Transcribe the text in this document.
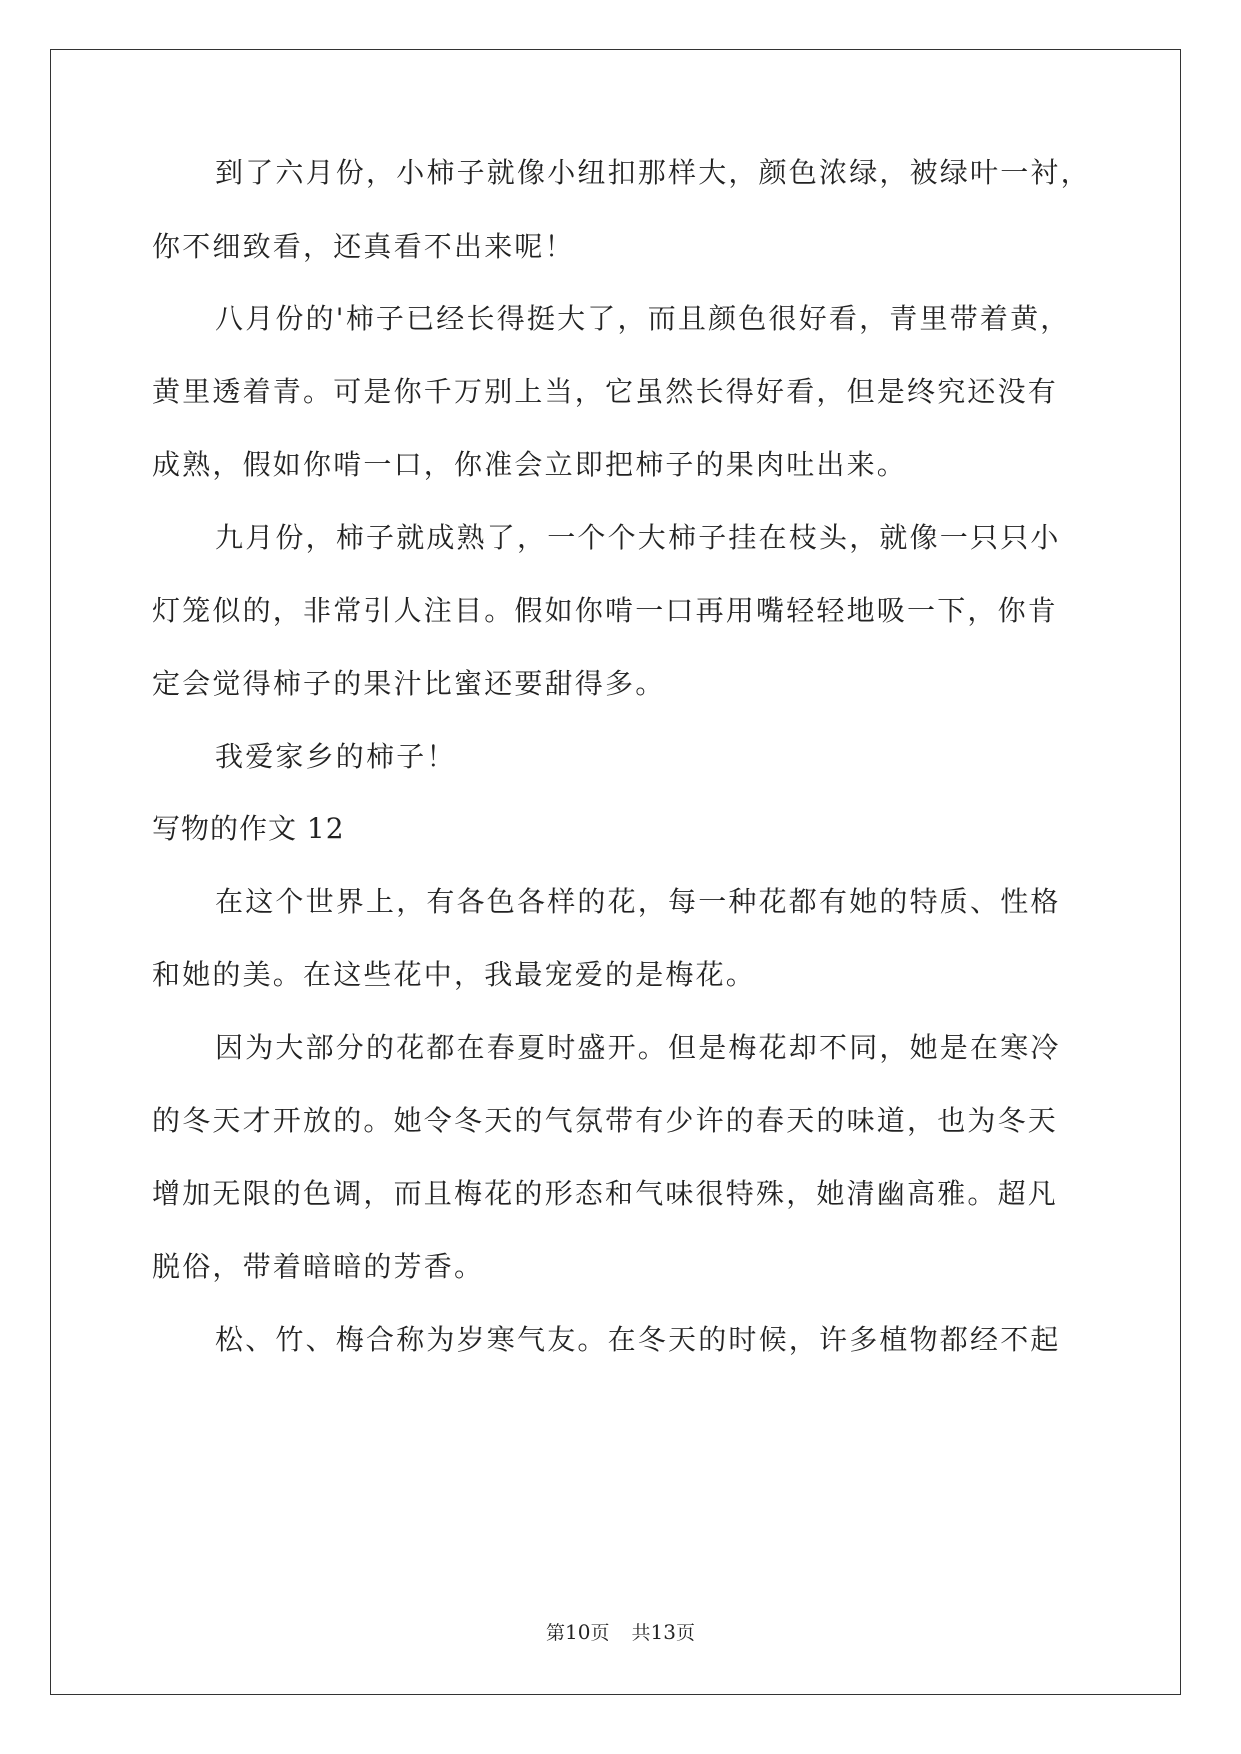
到了六月份，小柿子就像小纽扣那样大，颜色浓绿，被绿叶一衬，
你不细致看，还真看不出来呢！
八月份的'柿子已经长得挺大了，而且颜色很好看，青里带着黄，
黄里透着青。可是你千万别上当，它虽然长得好看，但是终究还没有
成熟，假如你啃一口，你准会立即把柿子的果肉吐出来。
九月份，柿子就成熟了，一个个大柿子挂在枝头，就像一只只小
灯笼似的，非常引人注目。假如你啃一口再用嘴轻轻地吸一下，你肯
定会觉得柿子的果汁比蜜还要甜得多。
我爱家乡的柿子！
写物的作文 12
在这个世界上，有各色各样的花，每一种花都有她的特质、性格
和她的美。在这些花中，我最宠爱的是梅花。
因为大部分的花都在春夏时盛开。但是梅花却不同，她是在寒冷
的冬天才开放的。她令冬天的气氛带有少许的春天的味道，也为冬天
增加无限的色调，而且梅花的形态和气味很特殊，她清幽高雅。超凡
脱俗，带着暗暗的芳香。
松、竹、梅合称为岁寒气友。在冬天的时候，许多植物都经不起
第10页 共13页
